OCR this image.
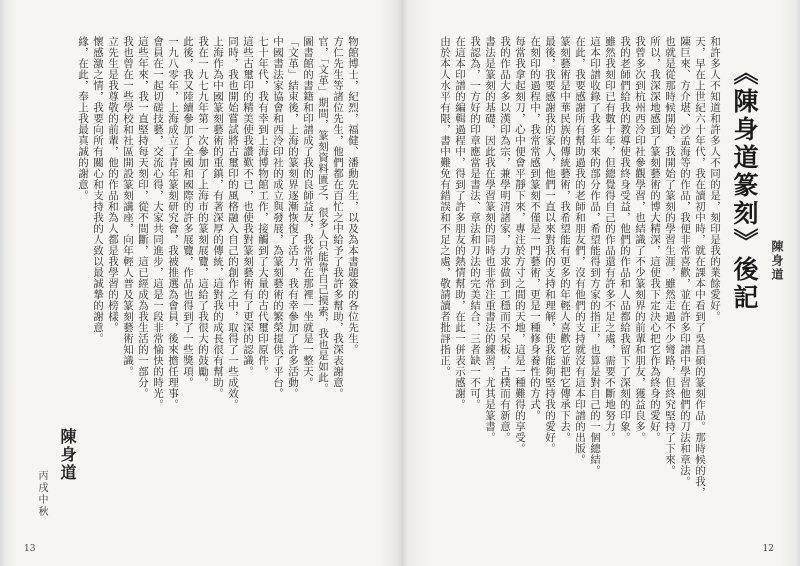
《陳身道篆刻》後記 陳身道
和許多人不知道和許多人不同的是，刻印是我的業餘愛好。
天，早在上世紀六十年代，我在讀初中時，就在課本中看到了吳昌碩的篆刻作品。那時候的我，
陳巨來、方介堪、沙孟海等的作品，我便非常喜歡，並在許多印譜中學習他們的刀法和章法。
也就是從那時候開始，我開始了篆刻的學習生涯，雖然走過不少彎路，但終究堅持了下來。
所以，我深深地感到了篆刻藝術的博大精深，這使我下定決心把它作為終身的愛好。
我曾多次到杭州西泠印社參觀學習，也結識了不少篆刻界的前輩和朋友，獲益良多。
我的老師們給我的教導使我終身受益，他們的作品和人品都給我留下了深刻的印象。
雖然我刻印已有數十年，但總覺得自己的作品還有許多不足之處，需要不斷地努力。
這本印譜收錄了我多年來的部分作品，希望能得到方家的指正，也算是對自己的一個總結。
在此，我要感謝所有幫助過我的老師和朋友們，沒有他們的支持就沒有這本印譜的出版。
篆刻藝術是中華民族的傳統藝術，我希望能有更多的年輕人喜歡它並把它傳承下去。
最後，我要感謝我的家人，他們一直以來對我的支持和理解，使我能夠堅持我的愛好。
在刻印的過程中，我常常感到篆刻不僅是一門藝術，更是一種修身養性的方式。
每當我拿起刻刀，心中便會平靜下來，專注於方寸之間的天地，這是一種難得的享受。
我的作品大多以漢印為宗，兼學明清諸家，力求做到工穩而不呆板，古樸而有新意。
書法是篆刻的基礎，因此我在學習篆刻的同時也非常注重書法的練習，尤其是篆書。
我認為，一方好的印章應當是書法、章法和刀法的完美結合，三者缺一不可。
在這本印譜的編輯過程中，得到了許多朋友的熱情幫助，在此一併表示感謝。
由於本人水平有限，書中難免有錯誤和不足之處，敬請讀者批評指正。
12
物館博士，紀烈，福健、潘勳先生，以及為本書題簽的各位先生。
方仁先生等諸位先生，他們都在百忙之中給予了我許多幫助，我深表謝意。
官，「文革」期間，篆刻資料匱乏，很多人只能靠自己摸索，我也是如此。
圖書館的書籍和印譜成了我的良師益友，我常常在那裡一坐就是一整天。
「文革」結束後，上海的篆刻界逐漸恢復了活力，我有幸參加了許多活動。
中國書法家協會和西泠印社的成立與發展，為篆刻藝術的繁榮提供了平台。
七十年代，我有幸到上海博物館工作，接觸到了大量的古代璽印原件。
這些古璽印的精美使我讚歎不已，也使我對篆刻藝術有了更深的認識。
同時，我也開始嘗試將古璽印的風格融入自己的創作之中，取得了一些成效。
上海作為中國篆刻藝術的重鎮，有著深厚的傳統，這對我的成長很有幫助。
我在一九七九年第一次參加了上海市的篆刻展覽，這給了我很大的鼓勵。
此後，我又陸續參加了全國和國際的許多展覽，作品也得到了一些獎項。
一九八零年，上海成立了青年篆刻研究會，我被推選為會員，後來擔任理事。
會員在一起切磋技藝，交流心得，大家共同進步，這是一段非常愉快的時光。
這些年來，我一直堅持每天刻印，從不間斷，這已經成為我生活的一部分。
我也曾在一些學校和社區開設篆刻講座，向年輕人普及篆刻藝術知識。
立先生是我尊敬的前輩，他的作品和為人都是我學習的榜樣。
懷感激之情，我要向所有關心和支持我的人致以最誠摯的謝意。
緣，在此，奉上我最真誠的謝意。
陳身道
丙戌中秋
13
